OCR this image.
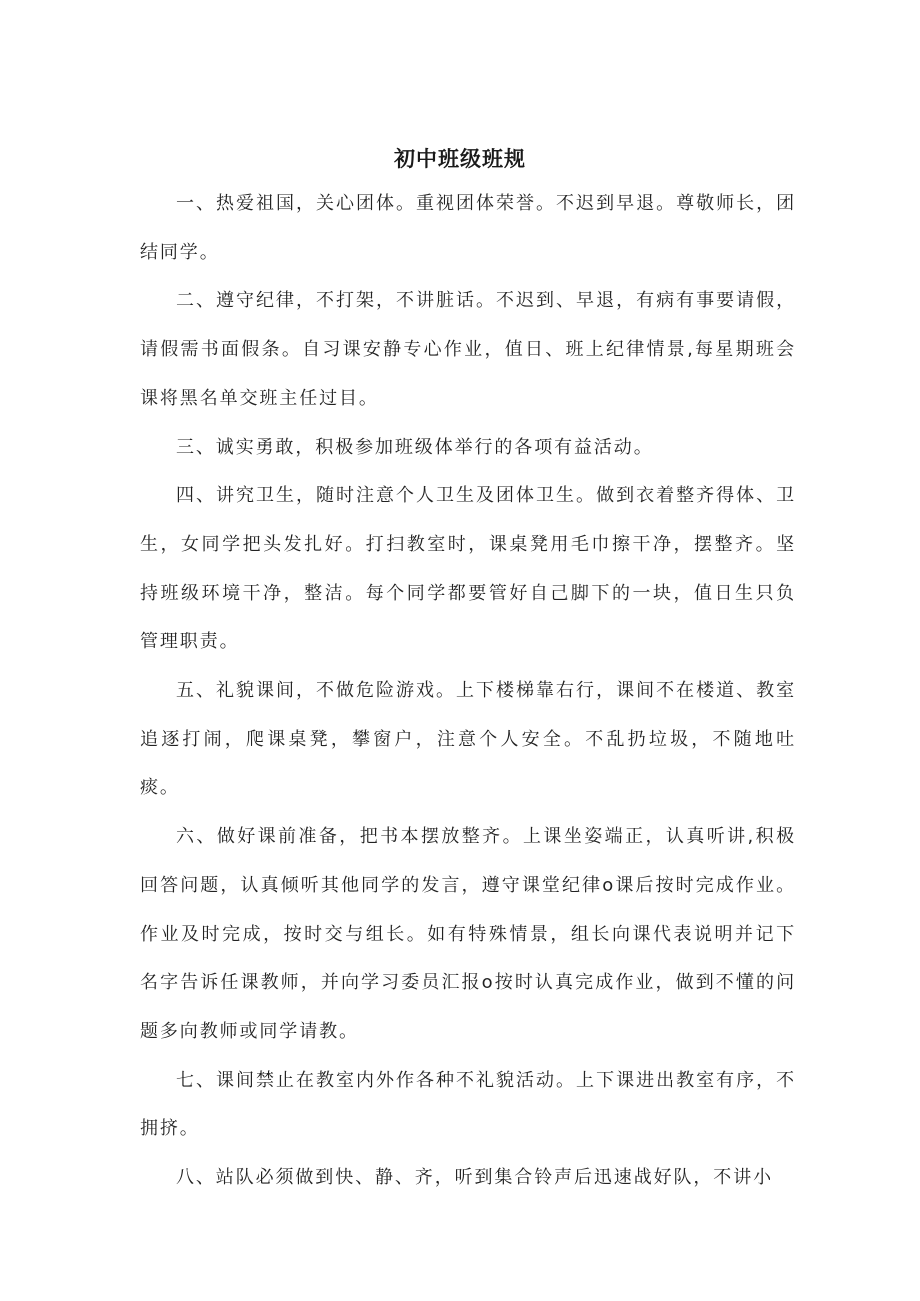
初中班级班规

一、热爱祖国，关心团体。重视团体荣誉。不迟到早退。尊敬师长，团结同学。

二、遵守纪律，不打架，不讲脏话。不迟到、早退，有病有事要请假，请假需书面假条。自习课安静专心作业，值日、班上纪律情景,每星期班会课将黑名单交班主任过目。

三、诚实勇敢，积极参加班级体举行的各项有益活动。

四、讲究卫生，随时注意个人卫生及团体卫生。做到衣着整齐得体、卫生，女同学把头发扎好。打扫教室时，课桌凳用毛巾擦干净，摆整齐。坚持班级环境干净，整洁。每个同学都要管好自己脚下的一块，值日生只负管理职责。

五、礼貌课间，不做危险游戏。上下楼梯靠右行，课间不在楼道、教室追逐打闹，爬课桌凳，攀窗户，注意个人安全。不乱扔垃圾，不随地吐痰。

六、做好课前准备，把书本摆放整齐。上课坐姿端正，认真听讲,积极回答问题，认真倾听其他同学的发言，遵守课堂纪律ο课后按时完成作业。作业及时完成，按时交与组长。如有特殊情景，组长向课代表说明并记下名字告诉任课教师，并向学习委员汇报ο按时认真完成作业，做到不懂的问题多向教师或同学请教。

七、课间禁止在教室内外作各种不礼貌活动。上下课进出教室有序，不拥挤。

八、站队必须做到快、静、齐，听到集合铃声后迅速战好队，不讲小
